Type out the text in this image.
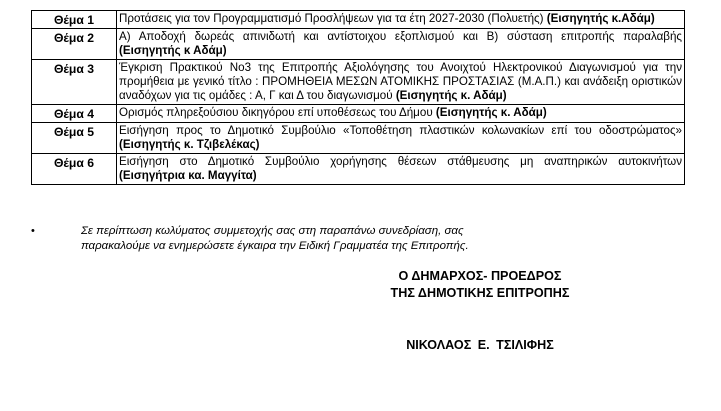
Θέμα 1	Προτάσεις για τον Προγραμματισμό Προσλήψεων για τα έτη 2027-2030 (Πολυετής) (Εισηγητής κ.Αδάμ)
Θέμα 2	Α) Αποδοχή δωρεάς απινιδωτή και αντίστοιχου εξοπλισμού και Β) σύσταση επιτροπής παραλαβής (Εισηγητής κ Αδάμ)
Θέμα 3	Έγκριση Πρακτικού Νο3 της Επιτροπής Αξιολόγησης του Ανοιχτού Ηλεκτρονικού Διαγωνισμού για την προμήθεια με γενικό τίτλο : ΠΡΟΜΗΘΕΙΑ ΜΕΣΩΝ ΑΤΟΜΙΚΗΣ ΠΡΟΣΤΑΣΙΑΣ (Μ.Α.Π.) και ανάδειξη οριστικών αναδόχων για τις ομάδες : Α, Γ και Δ του διαγωνισμού (Εισηγητής κ. Αδάμ)
Θέμα 4	Ορισμός πληρεξούσιου δικηγόρου επί υποθέσεως του Δήμου (Εισηγητής κ. Αδάμ)
Θέμα 5	Εισήγηση προς το Δημοτικό Συμβούλιο «Τοποθέτηση πλαστικών κολωνακίων επί του οδοστρώματος» (Εισηγητής κ. Τζιβελέκας)
Θέμα 6	Εισήγηση στο Δημοτικό Συμβούλιο χορήγησης θέσεων στάθμευσης μη αναπηρικών αυτοκινήτων (Εισηγήτρια κα. Μαγγίτα)
•	Σε περίπτωση κωλύματος συμμετοχής σας στη παραπάνω συνεδρίαση, σας
παρακαλούμε να ενημερώσετε έγκαιρα την Ειδική Γραμματέα της Επιτροπής.
Ο ΔΗΜΑΡΧΟΣ- ΠΡΟΕΔΡΟΣ
ΤΗΣ ΔΗΜΟΤΙΚΗΣ ΕΠΙΤΡΟΠΗΣ
ΝΙΚΟΛΑΟΣ Ε. ΤΣΙΛΙΦΗΣ
